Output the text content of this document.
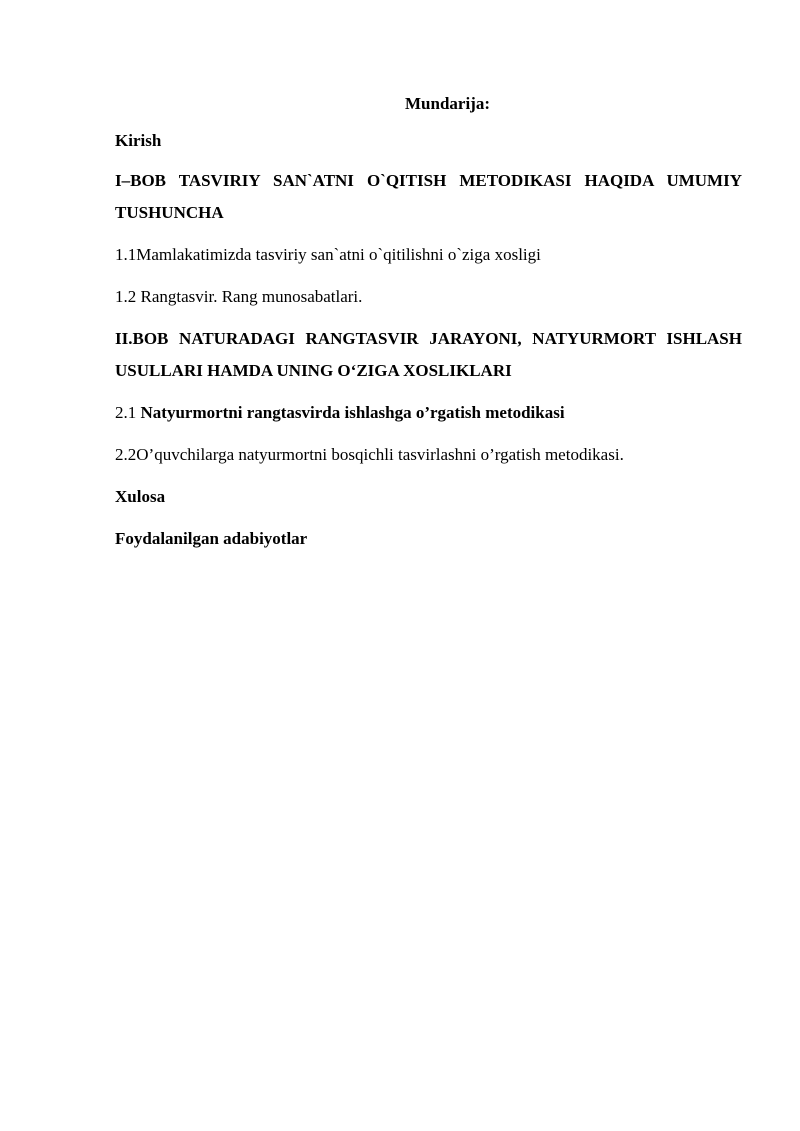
Mundarija:

Kirish

I–BOB TASVIRIY SAN`ATNI O`QITISH METODIKASI HAQIDA UMUMIY TUSHUNCHA

1.1Mamlakatimizda tasviriy san`atni o`qitilishni o`ziga xosligi

1.2 Rangtasvir. Rang munosabatlari.

II.BOB NATURADAGI RANGTASVIR JARAYONI, NATYURMORT ISHLASH USULLARI HAMDA UNING O‘ZIGA XOSLIKLARI

2.1 Natyurmortni rangtasvirda ishlashga o’rgatish metodikasi

2.2O’quvchilarga natyurmortni bosqichli tasvirlashni o’rgatish metodikasi.

Xulosa

Foydalanilgan adabiyotlar
